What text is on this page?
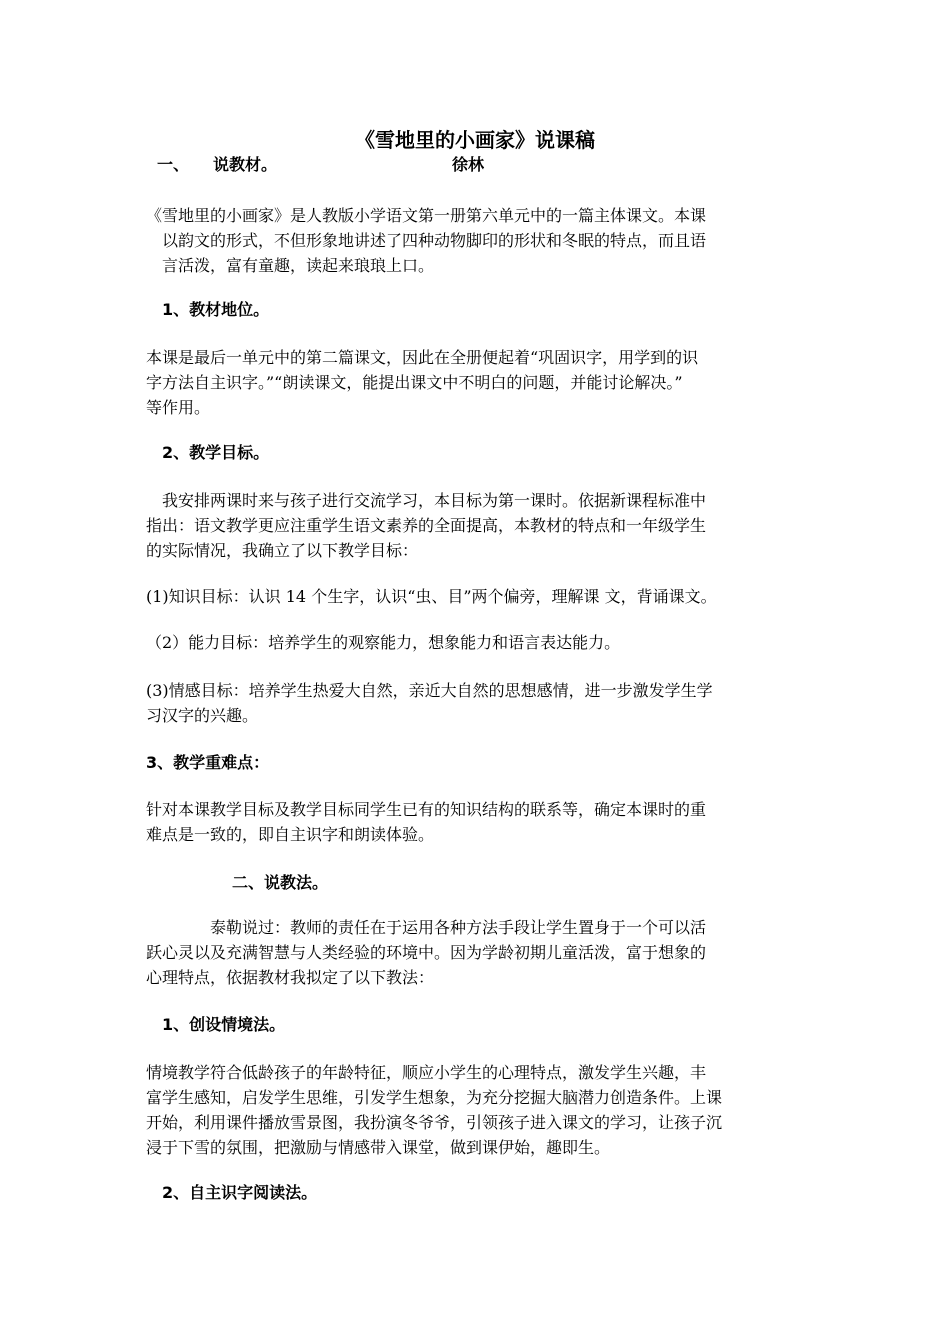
《雪地里的小画家》说课稿
一、 说教材。	徐林
《雪地里的小画家》是人教版小学语文第一册第六单元中的一篇主体课文。本课
以韵文的形式，不但形象地讲述了四种动物脚印的形状和冬眠的特点，而且语
言活泼，富有童趣，读起来琅琅上口。
1、教材地位。
本课是最后一单元中的第二篇课文，因此在全册便起着“巩固识字，用学到的识
字方法自主识字。”“朗读课文，能提出课文中不明白的问题，并能讨论解决。”
等作用。
2、教学目标。
我安排两课时来与孩子进行交流学习，本目标为第一课时。依据新课程标准中
指出：语文教学更应注重学生语文素养的全面提高，本教材的特点和一年级学生
的实际情况，我确立了以下教学目标：
(1)知识目标：认识 14 个生字，认识“虫、目”两个偏旁，理解课 文，背诵课文。
（2）能力目标：培养学生的观察能力，想象能力和语言表达能力。
(3)情感目标：培养学生热爱大自然，亲近大自然的思想感情，进一步激发学生学
习汉字的兴趣。
3、教学重难点：
针对本课教学目标及教学目标同学生已有的知识结构的联系等，确定本课时的重
难点是一致的，即自主识字和朗读体验。
二、说教法。
泰勒说过：教师的责任在于运用各种方法手段让学生置身于一个可以活
跃心灵以及充满智慧与人类经验的环境中。因为学龄初期儿童活泼，富于想象的
心理特点，依据教材我拟定了以下教法：
1、创设情境法。
情境教学符合低龄孩子的年龄特征，顺应小学生的心理特点，激发学生兴趣，丰
富学生感知，启发学生思维，引发学生想象，为充分挖掘大脑潜力创造条件。上课
开始，利用课件播放雪景图，我扮演冬爷爷，引领孩子进入课文的学习，让孩子沉
浸于下雪的氛围，把激励与情感带入课堂，做到课伊始，趣即生。
2、自主识字阅读法。
